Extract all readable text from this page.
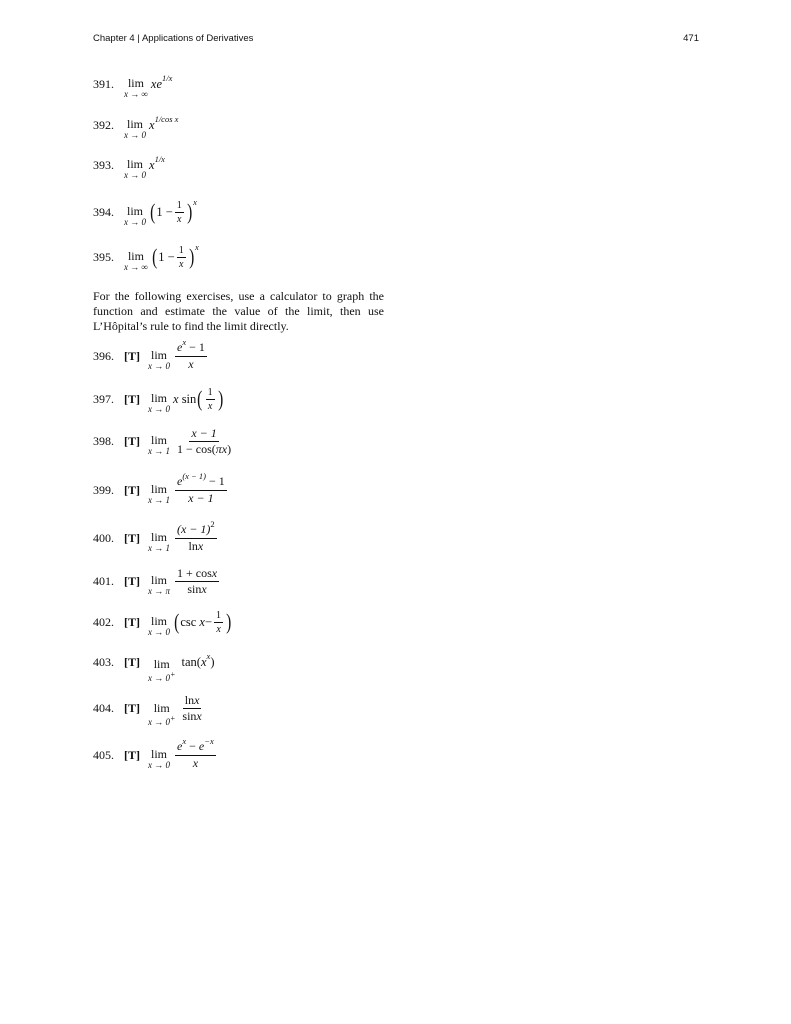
Chapter 4 | Applications of Derivatives	471
391.	lim
x → ∞
$xe^{1/x}$
392.	lim
x → 0
$x^{1/cos x}$
393.	lim
x → 0
$x^{1/x}$
394.	lim
x → 0 ( $1 - \frac{1}{x} )^x$
395.	lim
x → ∞ ( $1 - \frac{1}{x} )^x$

For the following exercises, use a calculator to graph the function and estimate the value of the limit, then use L’Hôpital’s rule to find the limit directly.

396. [T] lim
$x \to 0 \frac{e^x - 1}{x}$
397. [T] lim
x → 0
x
sin ( $\frac{1}{x}$ )
398. [T] lim
$x \to 1 \frac{x - 1}{1 - \cos(\pi x)}$
399. [T] lim
$x \to 1 \frac{e^{(x - 1)} - 1}{x - 1}$
400. [T] lim
$x \to 1 \frac{(x - 1)^2}{\ln x}$
401. [T] lim
x → π $\frac{1 + \cos x}{\sin x}$
402. [T] lim
x → 0 ( csc
$x - \frac{1}{x}$ )
403. [T] lim
x → 0+

tan( $x^x$ )
404. [T] lim
$x \to 0^+ \frac{\ln x}{\sin x}$
405. [T] lim
$x \to 0 \frac{e^x - e^{-x}}{x}$
